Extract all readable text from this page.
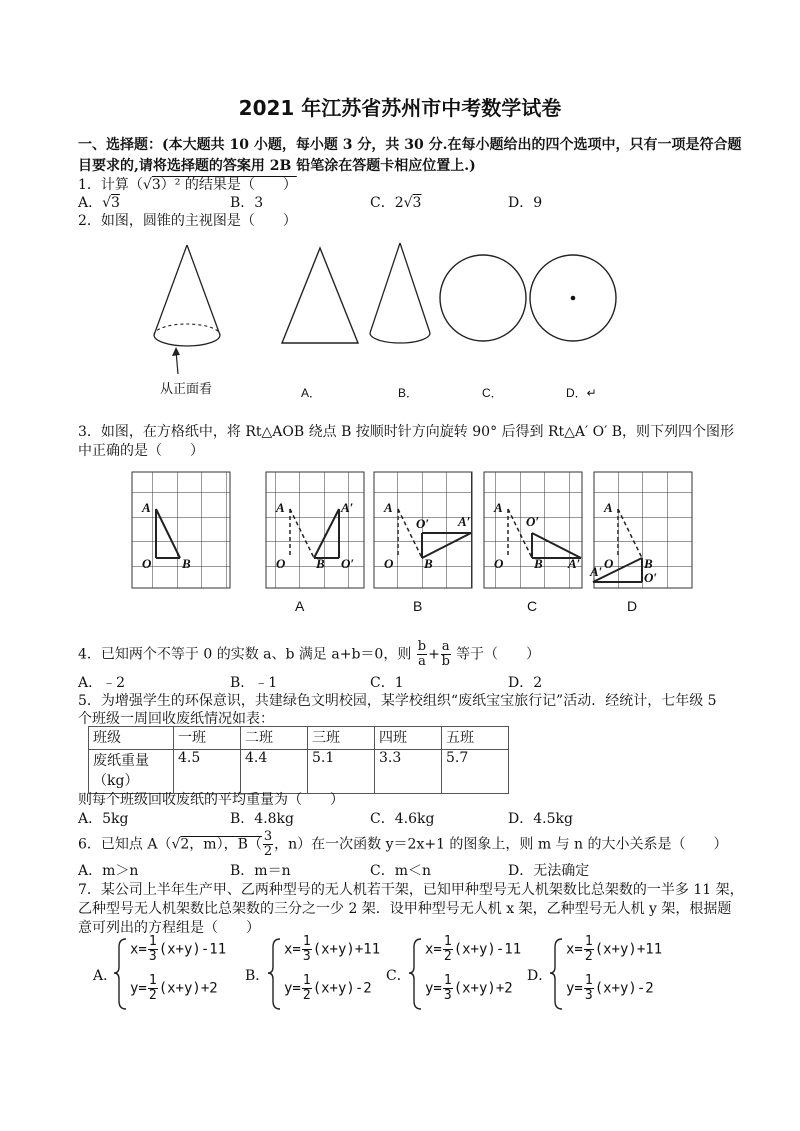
2021 年江苏省苏州市中考数学试卷
一、选择题：(本大题共 10 小题，每小题 3 分，共 30 分.在每小题给出的四个选项中，只有一项是符合题
目要求的,请将选择题的答案用 2B 铅笔涂在答题卡相应位置上.)
1．计算（√3）² 的结果是（　　）
A．√3	B．3	C．2√3	D．9
2．如图，圆锥的主视图是（　　）
从正面看	A．	B．	C．	D．↵
3．如图，在方格纸中，将 Rt△AOB 绕点 B 按顺时针方向旋转 90° 后得到 Rt△A′ O′ B，则下列四个图形
中正确的是（　　）
A
O B
A
O B
A′
O′
A
O B
O′ A′
A
O B
O′
A′
A
O B
O′
A′
A	B	C	D
4．已知两个不等于 0 的实数 a、b 满足 a+b＝0，则 $\frac{b}{a} + \frac{a}{b}$ 等于（　　）
A．﹣2	B．﹣1	C．1	D．2
5．为增强学生的环保意识，共建绿色文明校园，某学校组织“废纸宝宝旅行记”活动．经统计，七年级 5
个班级一周回收废纸情况如表：
班级	一班	二班	三班	四班	五班
废纸重量
（kg）	4.5	4.4	5.1	3.3	5.7
则每个班级回收废纸的平均重量为（　　）
A．5kg	B．4.8kg	C．4.6kg	D．4.5kg
6．已知点 A（√2，m），$B( \frac{3}{2}$ ，n）在一次函数 y＝2x+1 的图象上，则 m 与 n 的大小关系是（　　）
A．m＞n	B．m＝n	C．m＜n	D．无法确定
7．某公司上半年生产甲、乙两种型号的无人机若干架，已知甲种型号无人机架数比总架数的一半多 11 架，
乙种型号无人机架数比总架数的三分之一少 2 架．设甲种型号无人机 x 架，乙种型号无人机 y 架，根据题
意可列出的方程组是（　　）
A．	B．	C．	D．
$x= \frac{1}{3} (x+y)-11$
$y= \frac{1}{2} (x+y)+2$
$x= \frac{1}{3} (x+y)+11$
$y= \frac{1}{2} (x+y)-2$
$x= \frac{1}{2} (x+y)-11$
$y= \frac{1}{3} (x+y)+2$
$x= \frac{1}{2} (x+y)+11$
$y= \frac{1}{3} (x+y)-2$
